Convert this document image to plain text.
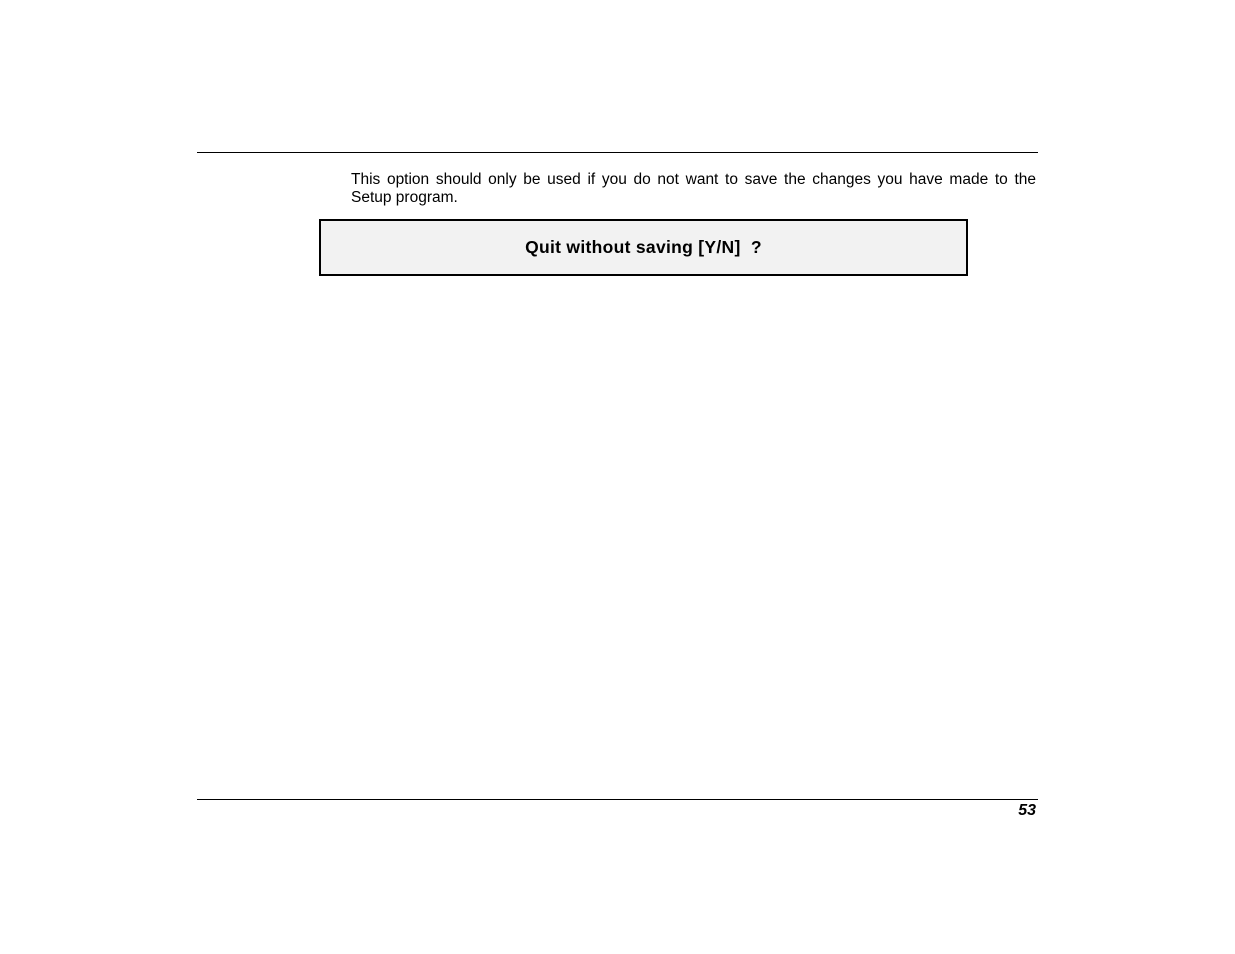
This option should only be used if you do not want to save the changes you have made to the Setup program.

Quit without saving [Y/N]  ?
53
